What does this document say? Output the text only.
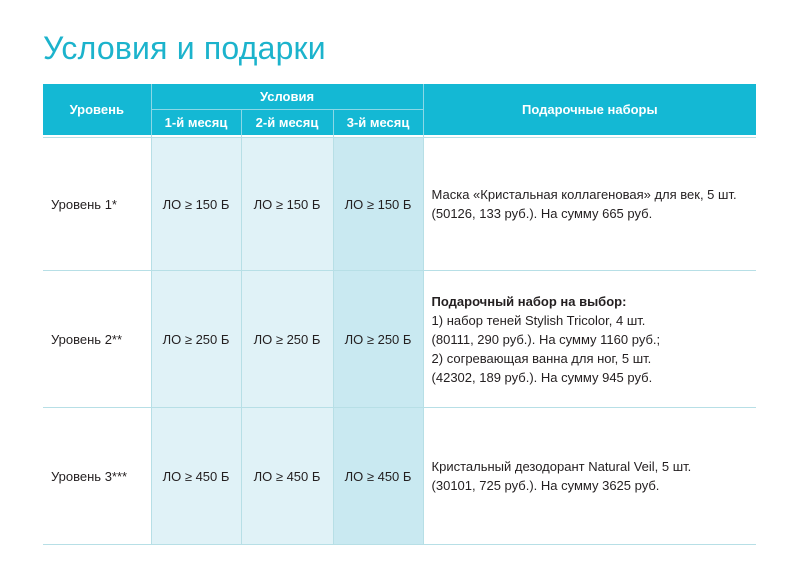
Условия и подарки
Уровень	Условия			Подарочные наборы
	1-й месяц	2-й месяц	3-й месяц	

Уровень 1*	ЛО ≥ 150 Б	ЛО ≥ 150 Б	ЛО ≥ 150 Б	Маска «Кристальная коллагеновая» для век, 5 шт.
(50126, 133 руб.). На сумму 665 руб.

Уровень 2**	ЛО ≥ 250 Б	ЛО ≥ 250 Б	ЛО ≥ 250 Б	Подарочный набор на выбор:
1) набор теней Stylish Tricolor, 4 шт.
(80111, 290 руб.). На сумму 1160 руб.;
2) согревающая ванна для ног, 5 шт.
(42302, 189 руб.). На сумму 945 руб.

Уровень 3***	ЛО ≥ 450 Б	ЛО ≥ 450 Б	ЛО ≥ 450 Б	Кристальный дезодорант Natural Veil, 5 шт.
(30101, 725 руб.). На сумму 3625 руб.
